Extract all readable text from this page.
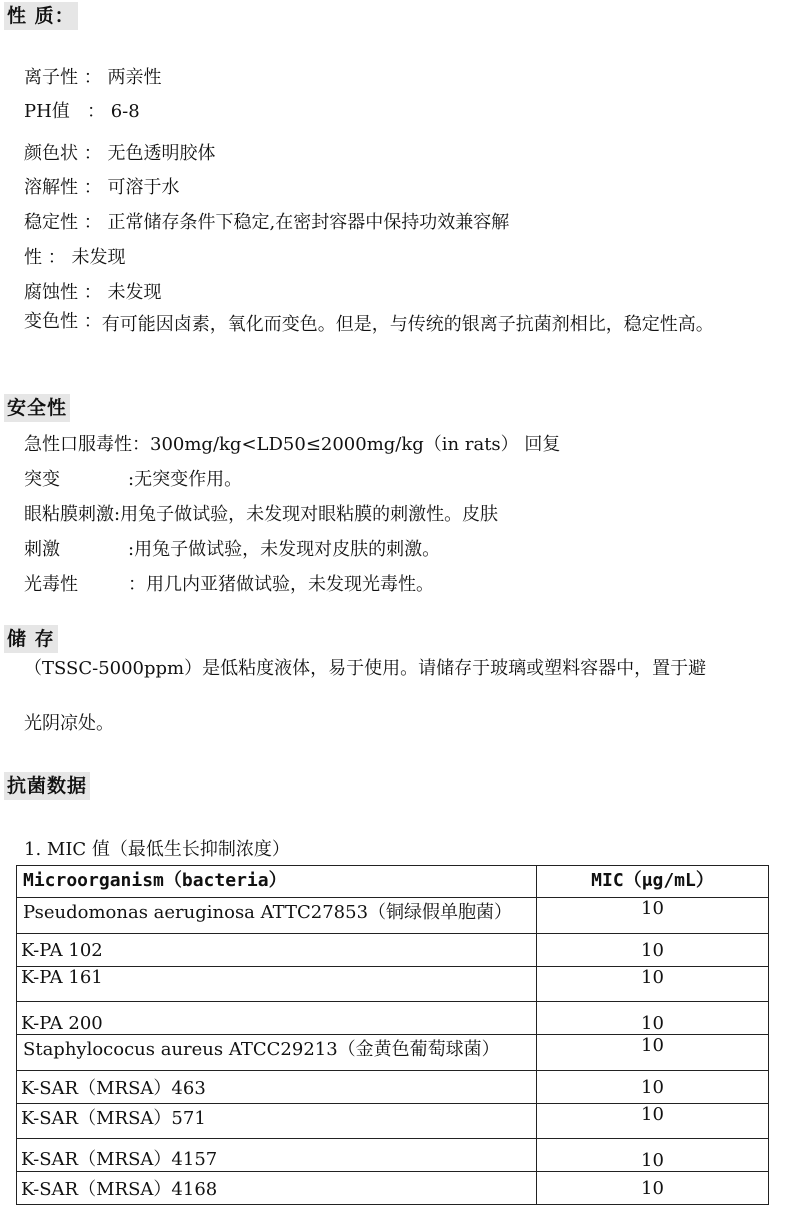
性 质：
离子性 ： 两亲性
PH值   ： 6-8
颜色状 ： 无色透明胶体
溶解性 ： 可溶于水
稳定性 ： 正常储存条件下稳定,在密封容器中保持功效兼容解
性 ： 未发现
腐蚀性 ： 未发现
变色性 ：有可能因卤素，氧化而变色。但是，与传统的银离子抗菌剂相比，稳定性高。
安全性
急性口服毒性：300mg/kg<LD50≤2000mg/kg（in rats） 回复
突变	:无突变作用。
眼粘膜刺激:用兔子做试验，未发现对眼粘膜的刺激性。皮肤
刺激	:用兔子做试验，未发现对皮肤的刺激。
光毒性	：用几内亚猪做试验，未发现光毒性。
储 存
（TSSC-5000ppm）是低粘度液体，易于使用。请储存于玻璃或塑料容器中，置于避
光阴凉处。
抗菌数据
1. MIC 值（最低生长抑制浓度）
Microorganism（bacteria）	MIC（μg/mL）
Pseudomonas aeruginosa ATTC27853（铜绿假单胞菌）	10
K-PA 102	10
K-PA 161	10
K-PA 200	10
Staphylococus aureus ATCC29213（金黄色葡萄球菌）	10
K-SAR（MRSA）463	10
K-SAR（MRSA）571	10
K-SAR（MRSA）4157	10
K-SAR（MRSA）4168	10
